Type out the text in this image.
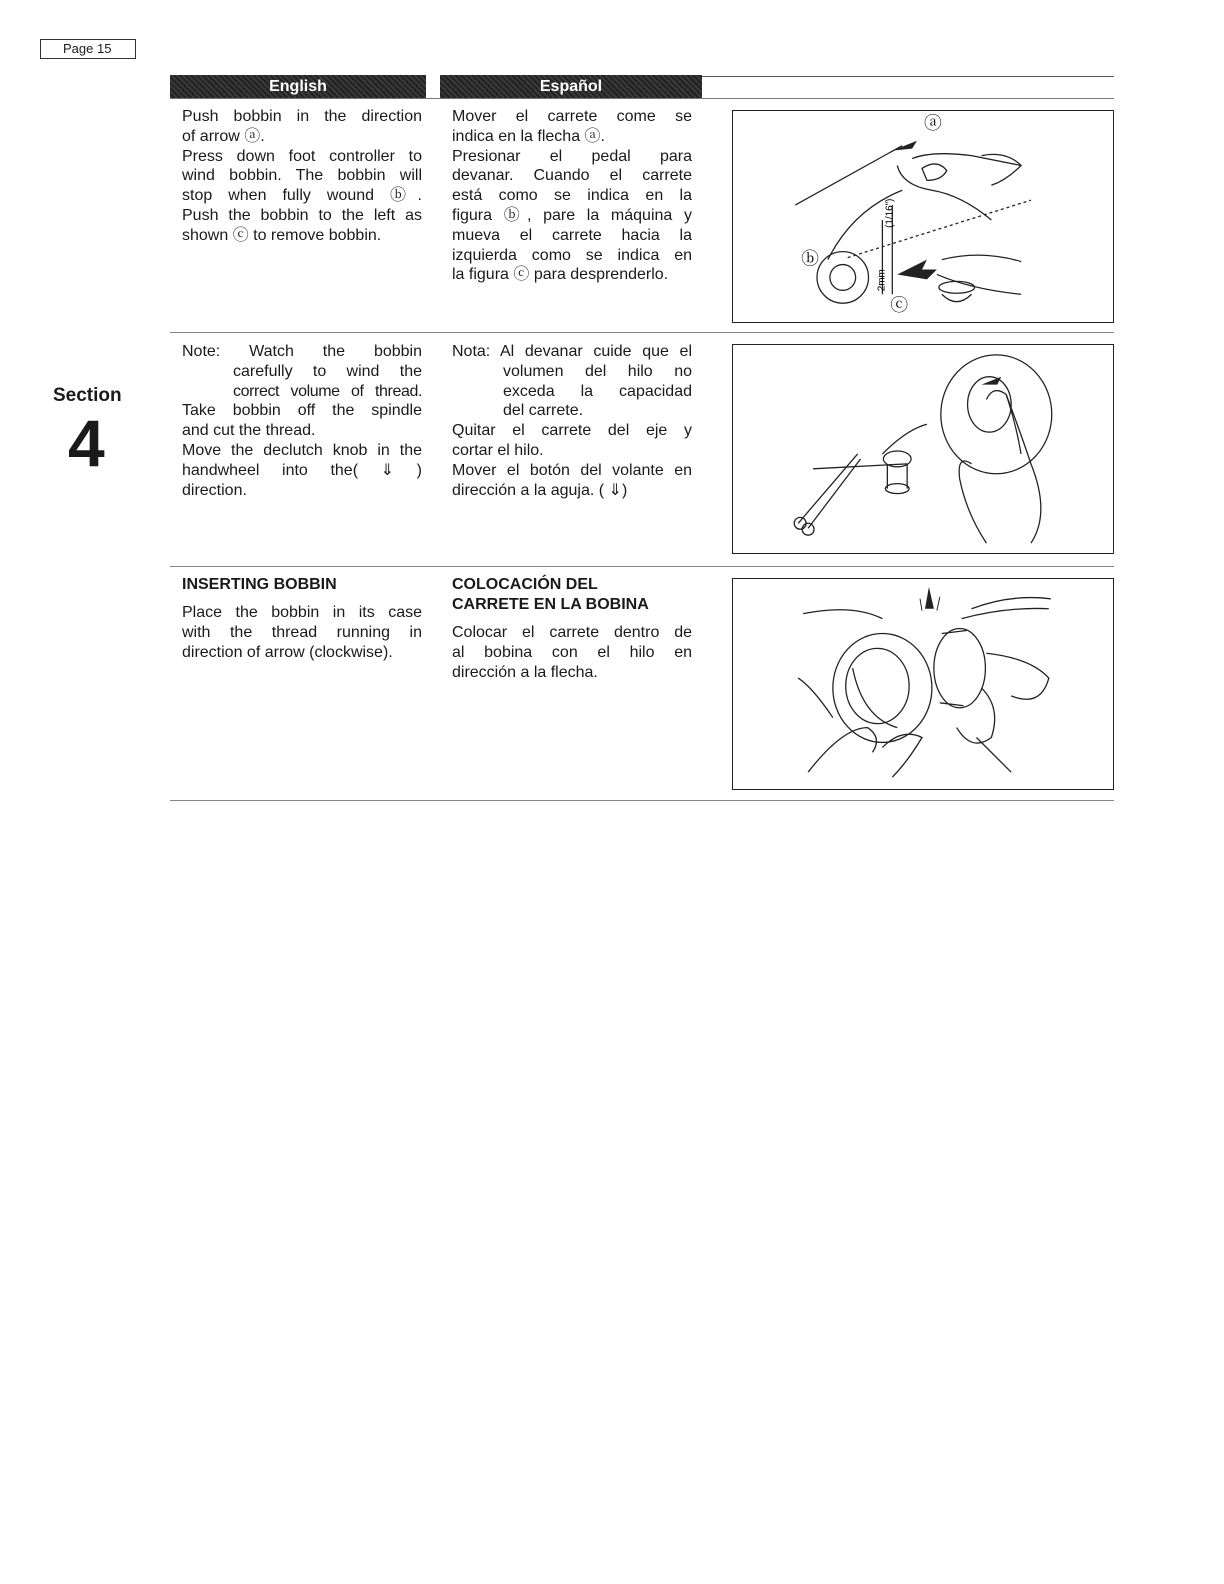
Page 15
Section
4
English	Español
Push bobbin in the direction
of arrow ⓐ.
Press down foot controller to
wind bobbin. The bobbin will
stop when fully wound ⓑ.
Push the bobbin to the left as
shown ⓒ to remove bobbin.
Mover el carrete come se
indica en la flecha ⓐ.
Presionar el pedal para
devanar. Cuando el carrete
está como se indica en la
figura ⓑ, pare la máquina y
mueva el carrete hacia la
izquierda como se indica en
la figura ⓒ para desprenderlo.
ⓐ
ⓑ
ⓒ
(1/16")
2mm
Note: Watch the bobbin
carefully to wind the
correct volume of thread.
Take bobbin off the spindle
and cut the thread.
Move the declutch knob in the
handwheel into the( ⇓ )
direction.
Nota: Al devanar cuide que el
volumen del hilo no
exceda la capacidad
del carrete.
Quitar el carrete del eje y
cortar el hilo.
Mover el botón del volante en
dirección a la aguja. ( ⇓)
INSERTING BOBBIN
Place the bobbin in its case
with the thread running in
direction of arrow (clockwise).
COLOCACIÓN DEL
CARRETE EN LA BOBINA
Colocar el carrete dentro de
al bobina con el hilo en
dirección a la flecha.
